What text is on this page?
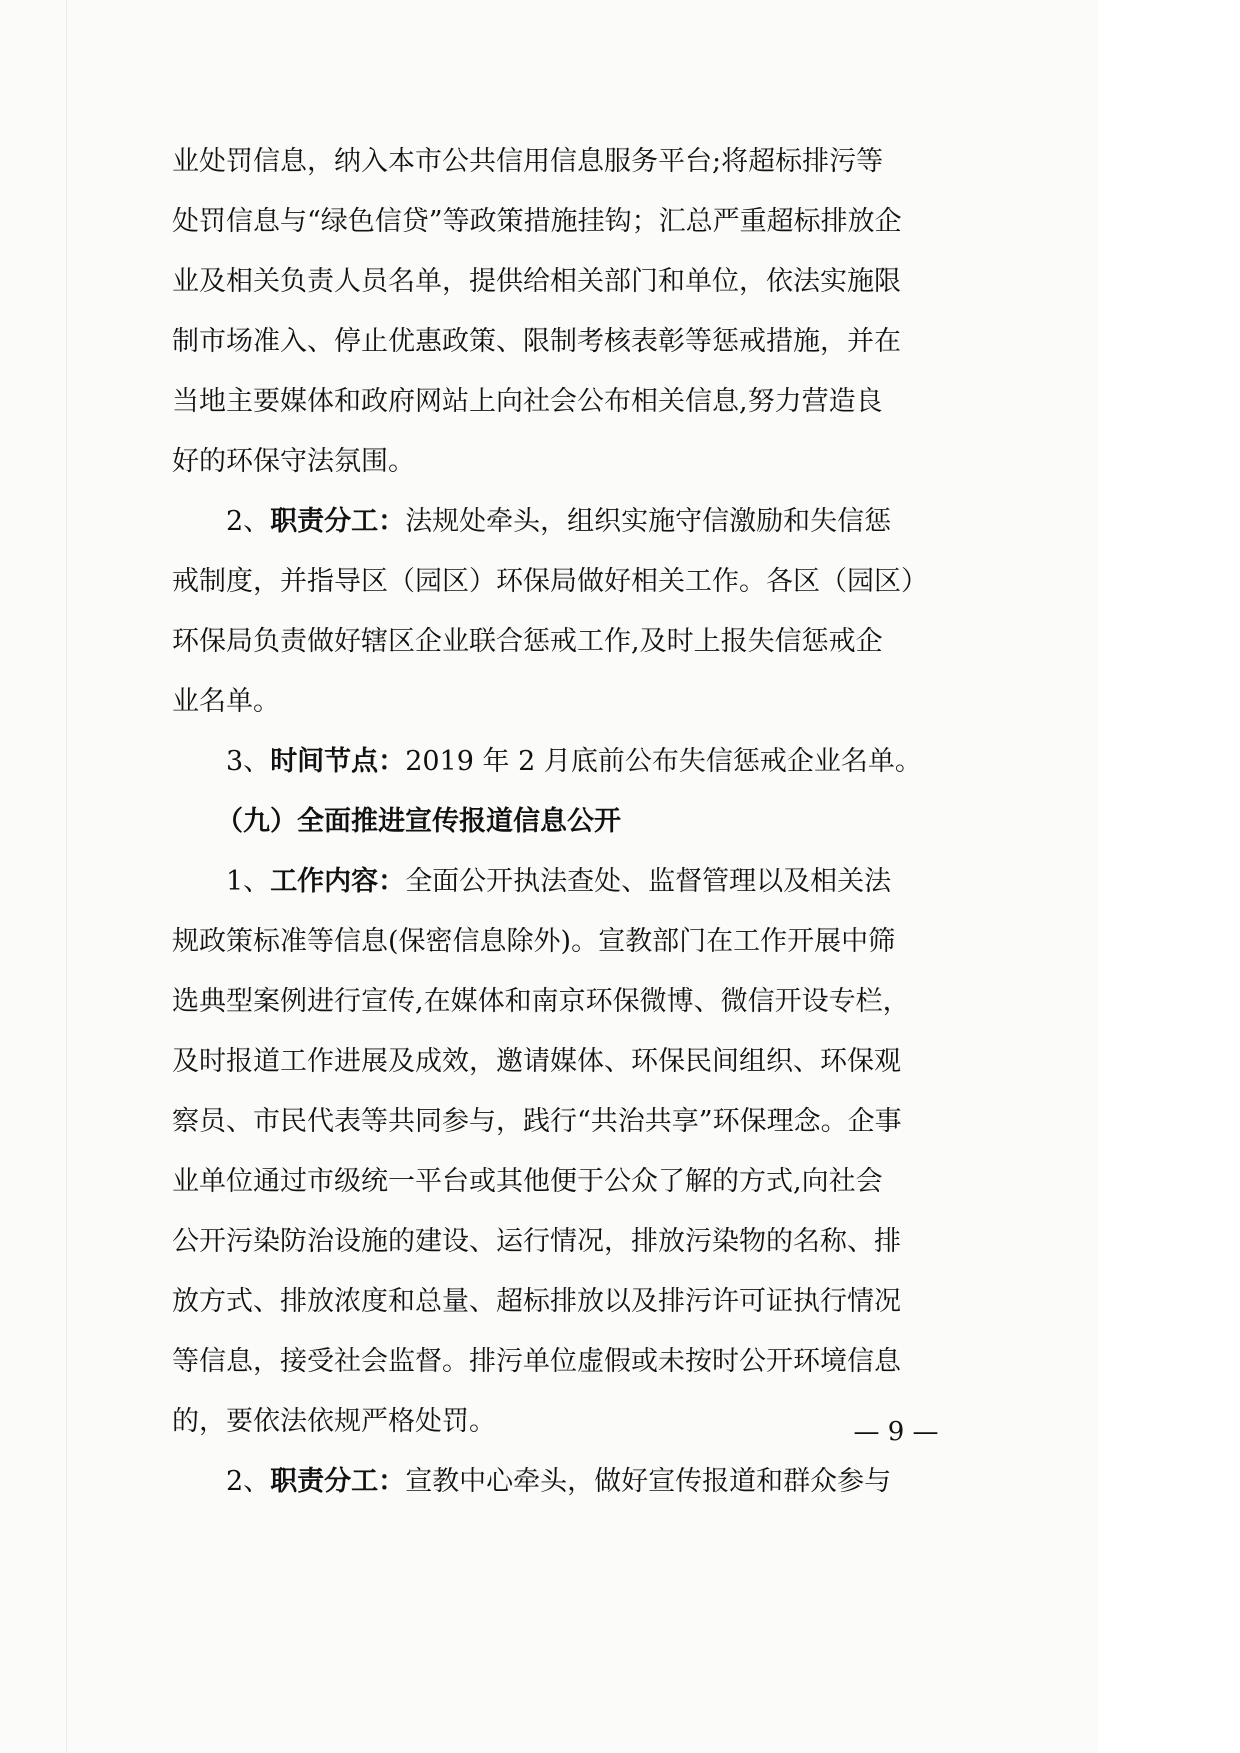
业处罚信息，纳入本市公共信用信息服务平台;将超标排污等
处罚信息与“绿色信贷”等政策措施挂钩；汇总严重超标排放企
业及相关负责人员名单，提供给相关部门和单位，依法实施限
制市场准入、停止优惠政策、限制考核表彰等惩戒措施，并在
当地主要媒体和政府网站上向社会公布相关信息,努力营造良
好的环保守法氛围。
2、职责分工：法规处牵头，组织实施守信激励和失信惩
戒制度，并指导区（园区）环保局做好相关工作。各区（园区）
环保局负责做好辖区企业联合惩戒工作,及时上报失信惩戒企
业名单。
3、时间节点：2019 年 2 月底前公布失信惩戒企业名单。
（九）全面推进宣传报道信息公开
1、工作内容：全面公开执法查处、监督管理以及相关法
规政策标准等信息(保密信息除外)。宣教部门在工作开展中筛
选典型案例进行宣传,在媒体和南京环保微博、微信开设专栏，
及时报道工作进展及成效，邀请媒体、环保民间组织、环保观
察员、市民代表等共同参与，践行“共治共享”环保理念。企事
业单位通过市级统一平台或其他便于公众了解的方式,向社会
公开污染防治设施的建设、运行情况，排放污染物的名称、排
放方式、排放浓度和总量、超标排放以及排污许可证执行情况
等信息，接受社会监督。排污单位虚假或未按时公开环境信息
的，要依法依规严格处罚。
2、职责分工：宣教中心牵头，做好宣传报道和群众参与
— 9 —
